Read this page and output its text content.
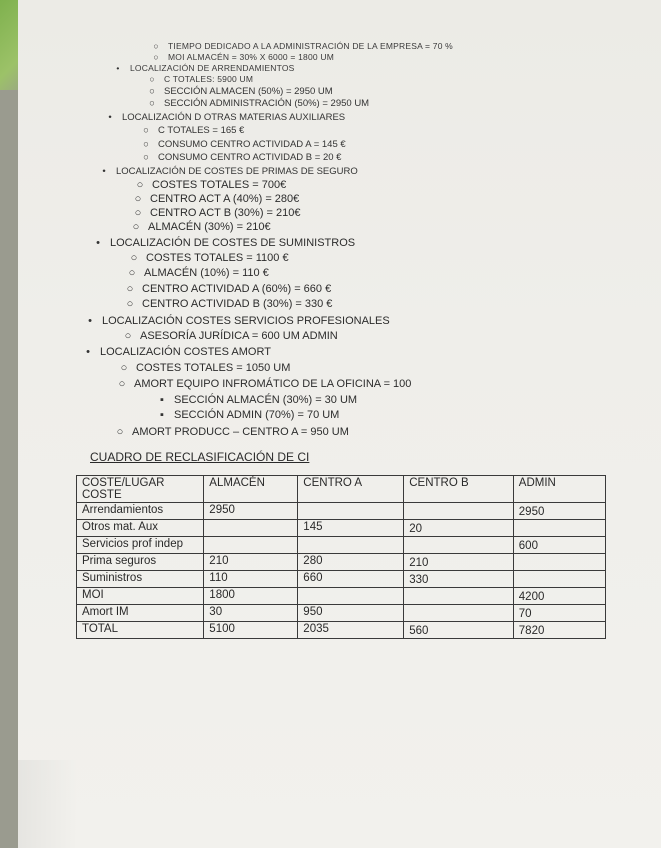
○ TIEMPO DEDICADO A LA ADMINISTRACIÓN DE LA EMPRESA = 70 %
○ MOI ALMACÉN = 30% X 6000 = 1800 UM
• LOCALIZACIÓN DE ARRENDAMIENTOS
○ C TOTALES: 5900 UM
○ SECCIÓN ALMACEN (50%) = 2950 UM
○ SECCIÓN ADMINISTRACIÓN (50%) = 2950 UM
• LOCALIZACIÓN D OTRAS MATERIAS AUXILIARES
○ C TOTALES = 165 €
○ CONSUMO CENTRO ACTIVIDAD A = 145 €
○ CONSUMO CENTRO ACTIVIDAD B = 20 €
• LOCALIZACIÓN DE COSTES DE PRIMAS DE SEGURO
○ COSTES TOTALES = 700€
○ CENTRO ACT A (40%) = 280€
○ CENTRO ACT B (30%) = 210€
○ ALMACÉN (30%) = 210€
• LOCALIZACIÓN DE COSTES DE SUMINISTROS
○ COSTES TOTALES = 1100 €
○ ALMACÉN (10%) = 110 €
○ CENTRO ACTIVIDAD A (60%) = 660 €
○ CENTRO ACTIVIDAD B (30%) = 330 €
• LOCALIZACIÓN COSTES SERVICIOS PROFESIONALES
○ ASESORÍA JURÍDICA = 600 UM ADMIN
• LOCALIZACIÓN COSTES AMORT
○ COSTES TOTALES = 1050 UM
○ AMORT EQUIPO INFROMÁTICO DE LA OFICINA = 100
▪ SECCIÓN ALMACÉN (30%) = 30 UM
▪ SECCIÓN ADMIN (70%) = 70 UM
○ AMORT PRODUCC – CENTRO A = 950 UM
CUADRO DE RECLASIFICACIÓN DE CI
COSTE/LUGAR COSTE	ALMACÉN	CENTRO A	CENTRO B	ADMIN
Arrendamientos	2950			2950
Otros mat. Aux		145	20	
Servicios prof indep				600
Prima seguros	210	280	210	
Suministros	110	660	330	
MOI	1800			4200
Amort IM	30	950		70
TOTAL	5100	2035	560	7820
